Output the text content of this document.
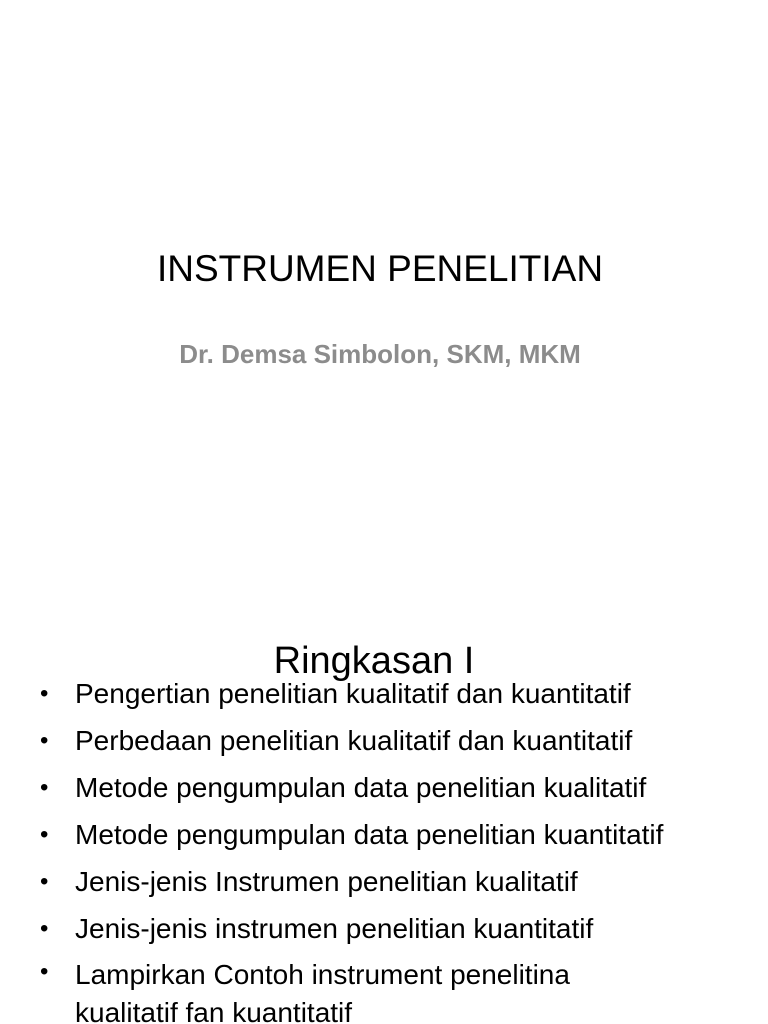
INSTRUMEN PENELITIAN
Dr. Demsa Simbolon, SKM, MKM
Ringkasan I
• Pengertian penelitian kualitatif dan kuantitatif
• Perbedaan penelitian kualitatif dan kuantitatif
• Metode pengumpulan data penelitian kualitatif
• Metode pengumpulan data penelitian kuantitatif
• Jenis-jenis Instrumen penelitian kualitatif
• Jenis-jenis instrumen penelitian kuantitatif
• Lampirkan Contoh instrument penelitina
kualitatif fan kuantitatif
